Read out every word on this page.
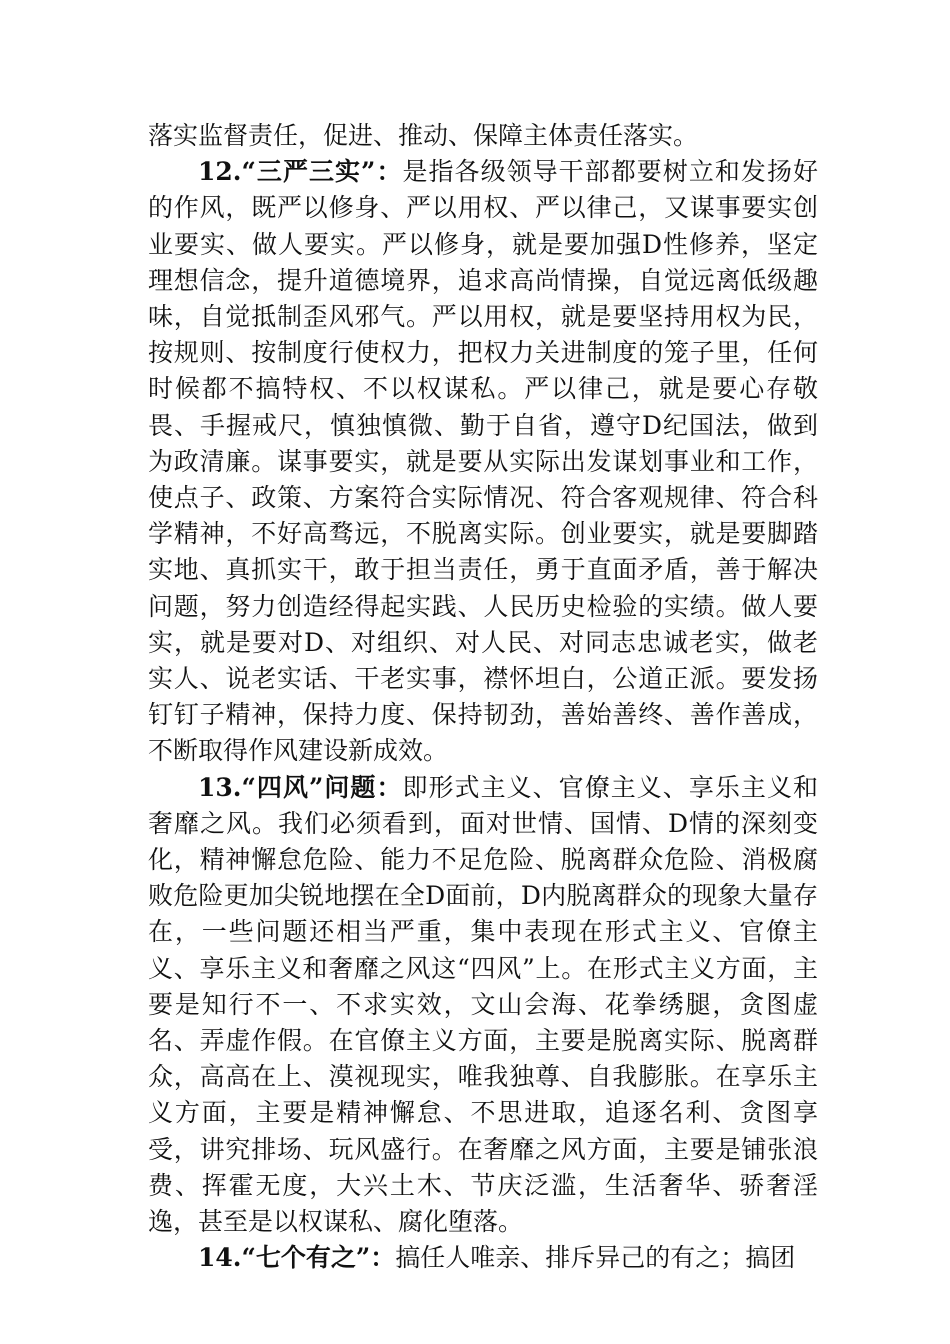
落实监督责任，促进、推动、保障主体责任落实。

12.“三严三实”：是指各级领导干部都要树立和发扬好的作风，既严以修身、严以用权、严以律己，又谋事要实创业要实、做人要实。严以修身，就是要加强D性修养，坚定理想信念，提升道德境界，追求高尚情操，自觉远离低级趣味，自觉抵制歪风邪气。严以用权，就是要坚持用权为民，按规则、按制度行使权力，把权力关进制度的笼子里，任何时候都不搞特权、不以权谋私。严以律己，就是要心存敬畏、手握戒尺，慎独慎微、勤于自省，遵守D纪国法，做到为政清廉。谋事要实，就是要从实际出发谋划事业和工作，使点子、政策、方案符合实际情况、符合客观规律、符合科学精神，不好高骛远，不脱离实际。创业要实，就是要脚踏实地、真抓实干，敢于担当责任，勇于直面矛盾，善于解决问题，努力创造经得起实践、人民历史检验的实绩。做人要实，就是要对D、对组织、对人民、对同志忠诚老实，做老实人、说老实话、干老实事，襟怀坦白，公道正派。要发扬钉钉子精神，保持力度、保持韧劲，善始善终、善作善成，不断取得作风建设新成效。

13.“四风”问题：即形式主义、官僚主义、享乐主义和奢靡之风。我们必须看到，面对世情、国情、D情的深刻变化，精神懈怠危险、能力不足危险、脱离群众危险、消极腐败危险更加尖锐地摆在全D面前，D内脱离群众的现象大量存在，一些问题还相当严重，集中表现在形式主义、官僚主义、享乐主义和奢靡之风这“四风”上。在形式主义方面，主要是知行不一、不求实效，文山会海、花拳绣腿，贪图虚名、弄虚作假。在官僚主义方面，主要是脱离实际、脱离群众，高高在上、漠视现实，唯我独尊、自我膨胀。在享乐主义方面，主要是精神懈怠、不思进取，追逐名利、贪图享受，讲究排场、玩风盛行。在奢靡之风方面，主要是铺张浪费、挥霍无度，大兴土木、节庆泛滥，生活奢华、骄奢淫逸，甚至是以权谋私、腐化堕落。

14.“七个有之”：搞任人唯亲、排斥异己的有之；搞团
